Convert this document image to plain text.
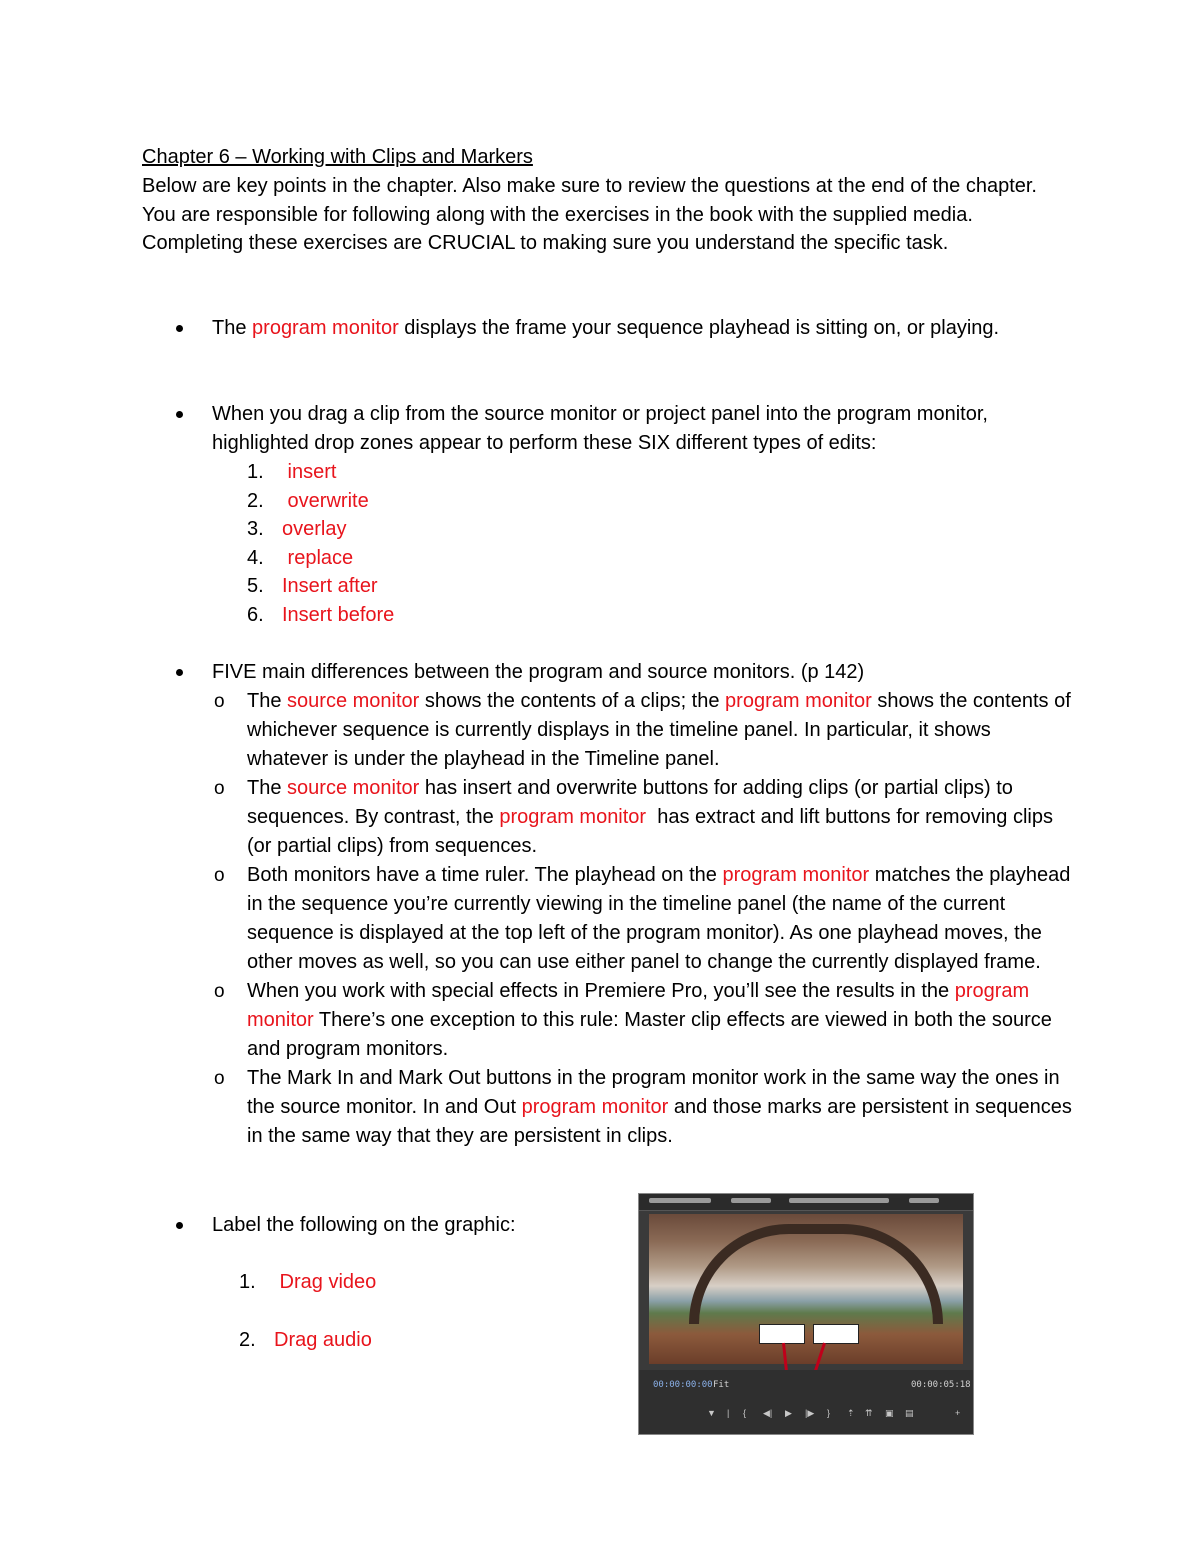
Chapter 6 – Working with Clips and Markers
Below are key points in the chapter. Also make sure to review the questions at the end of the chapter. You are responsible for following along with the exercises in the book with the supplied media. Completing these exercises are CRUCIAL to making sure you understand the specific task.
The program monitor displays the frame your sequence playhead is sitting on, or playing.
When you drag a clip from the source monitor or project panel into the program monitor, highlighted drop zones appear to perform these SIX different types of edits:
1. insert
2. overwrite
3. overlay
4. replace
5. Insert after
6. Insert before
FIVE main differences between the program and source monitors. (p 142)
o The source monitor shows the contents of a clips; the program monitor shows the contents of whichever sequence is currently displays in the timeline panel. In particular, it shows whatever is under the playhead in the Timeline panel.
o The source monitor has insert and overwrite buttons for adding clips (or partial clips) to sequences. By contrast, the program monitor  has extract and lift buttons for removing clips (or partial clips) from sequences.
o Both monitors have a time ruler. The playhead on the program monitor matches the playhead in the sequence you’re currently viewing in the timeline panel (the name of the current sequence is displayed at the top left of the program monitor). As one playhead moves, the other moves as well, so you can use either panel to change the currently displayed frame.
o When you work with special effects in Premiere Pro, you’ll see the results in the program monitor There’s one exception to this rule: Master clip effects are viewed in both the source and program monitors.
o The Mark In and Mark Out buttons in the program monitor work in the same way the ones in the source monitor. In and Out program monitor and those marks are persistent in sequences in the same way that they are persistent in clips.
Label the following on the graphic:
1. Drag video
2. Drag audio
00:00:00:00 Fit	00:00:05:18
▼ | { ◀| ▶ |▶ } ⇡ ⇈ ▣ ▤	+
